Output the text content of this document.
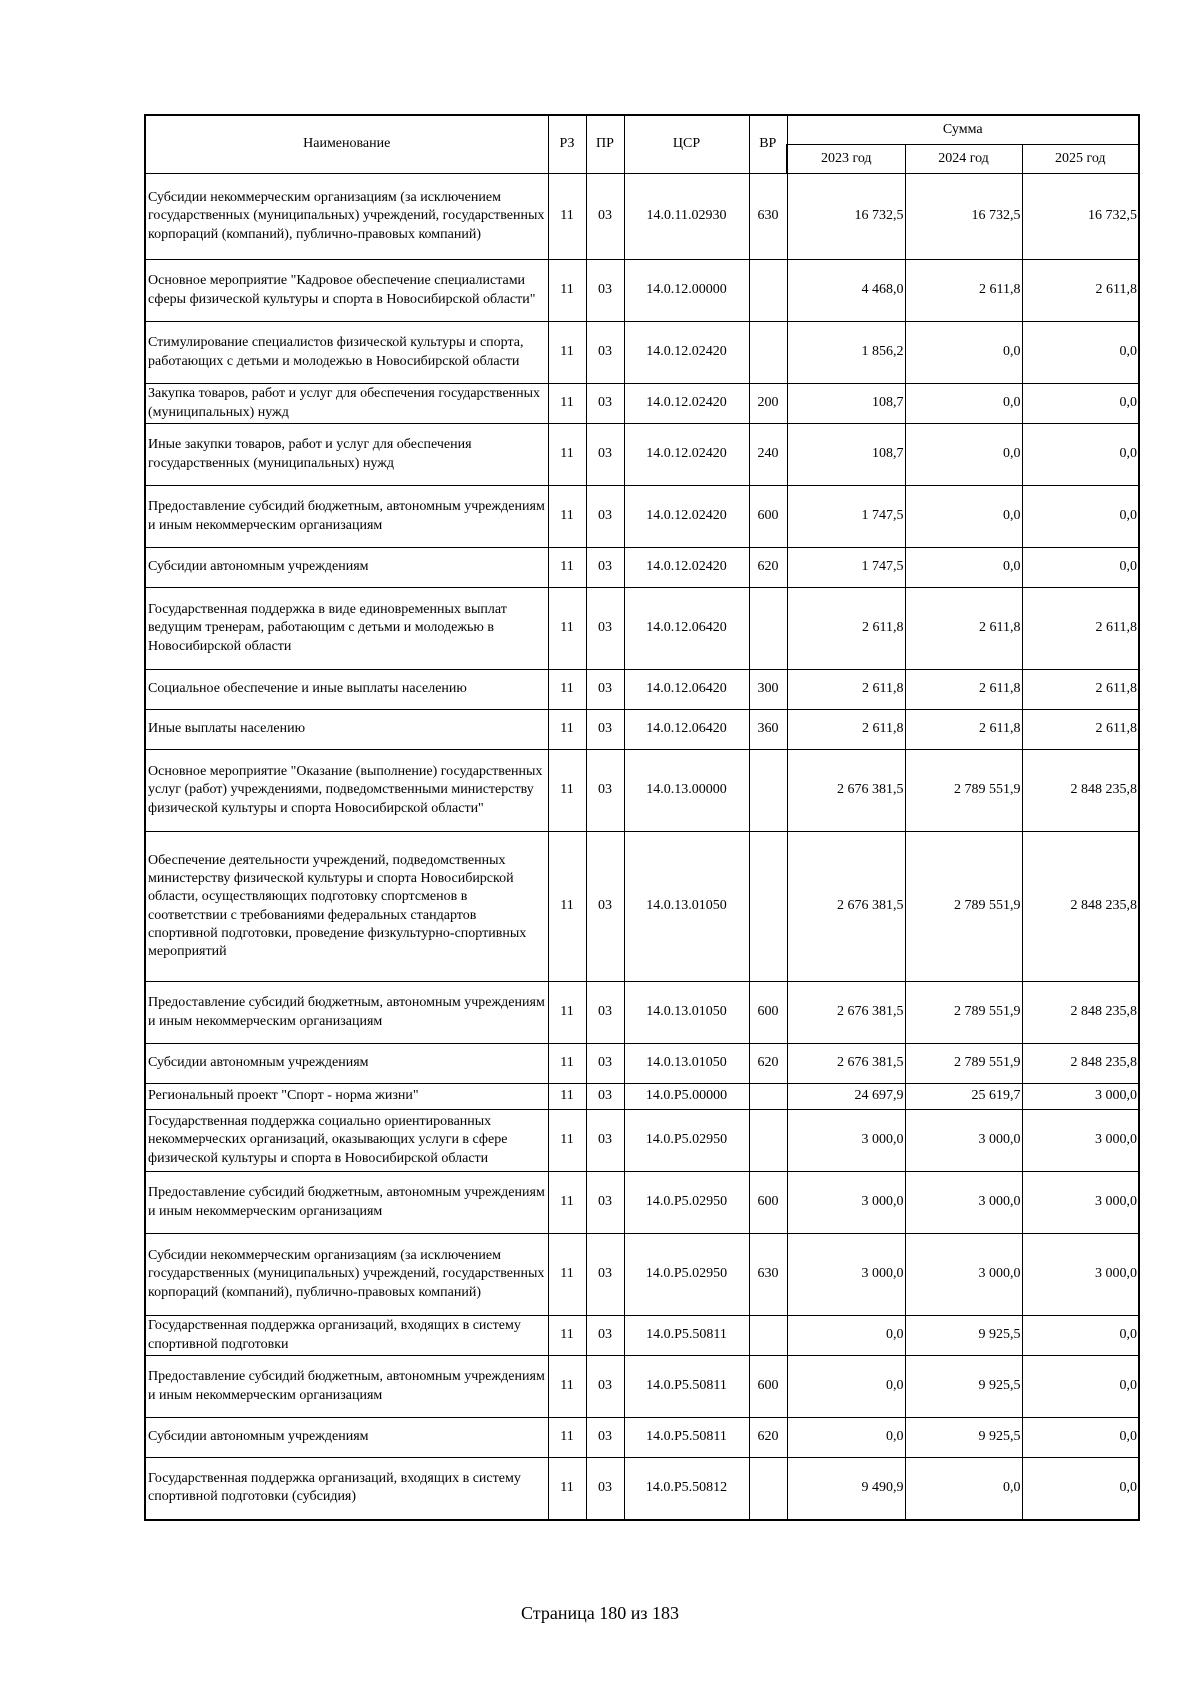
Наименование	РЗ	ПР	ЦСР	ВР	Сумма		
					2023 год	2024 год	2025 год
Субсидии некоммерческим организациям (за исключением государственных (муниципальных) учреждений, государственных корпораций (компаний), публично-правовых компаний)	11	03	14.0.11.02930	630	16 732,5	16 732,5	16 732,5
Основное мероприятие "Кадровое обеспечение специалистами сферы физической культуры и спорта в Новосибирской области"	11	03	14.0.12.00000		4 468,0	2 611,8	2 611,8
Стимулирование специалистов физической культуры и спорта, работающих с детьми и молодежью в Новосибирской области	11	03	14.0.12.02420		1 856,2	0,0	0,0
Закупка товаров, работ и услуг для обеспечения государственных (муниципальных) нужд	11	03	14.0.12.02420	200	108,7	0,0	0,0
Иные закупки товаров, работ и услуг для обеспечения государственных (муниципальных) нужд	11	03	14.0.12.02420	240	108,7	0,0	0,0
Предоставление субсидий бюджетным, автономным учреждениям и иным некоммерческим организациям	11	03	14.0.12.02420	600	1 747,5	0,0	0,0
Субсидии автономным учреждениям	11	03	14.0.12.02420	620	1 747,5	0,0	0,0
Государственная поддержка в виде единовременных выплат ведущим тренерам, работающим с детьми и молодежью в Новосибирской области	11	03	14.0.12.06420		2 611,8	2 611,8	2 611,8
Социальное обеспечение и иные выплаты населению	11	03	14.0.12.06420	300	2 611,8	2 611,8	2 611,8
Иные выплаты населению	11	03	14.0.12.06420	360	2 611,8	2 611,8	2 611,8
Основное мероприятие "Оказание (выполнение) государственных услуг (работ) учреждениями, подведомственными министерству физической культуры и спорта Новосибирской области"	11	03	14.0.13.00000		2 676 381,5	2 789 551,9	2 848 235,8
Обеспечение деятельности учреждений, подведомственных министерству физической культуры и спорта Новосибирской области, осуществляющих подготовку спортсменов в соответствии с требованиями федеральных стандартов спортивной подготовки, проведение физкультурно-спортивных мероприятий	11	03	14.0.13.01050		2 676 381,5	2 789 551,9	2 848 235,8
Предоставление субсидий бюджетным, автономным учреждениям и иным некоммерческим организациям	11	03	14.0.13.01050	600	2 676 381,5	2 789 551,9	2 848 235,8
Субсидии автономным учреждениям	11	03	14.0.13.01050	620	2 676 381,5	2 789 551,9	2 848 235,8
Региональный проект "Спорт - норма жизни"	11	03	14.0.P5.00000		24 697,9	25 619,7	3 000,0
Государственная поддержка социально ориентированных некоммерческих организаций, оказывающих услуги в сфере физической культуры и спорта в Новосибирской области	11	03	14.0.P5.02950		3 000,0	3 000,0	3 000,0
Предоставление субсидий бюджетным, автономным учреждениям и иным некоммерческим организациям	11	03	14.0.P5.02950	600	3 000,0	3 000,0	3 000,0
Субсидии некоммерческим организациям (за исключением государственных (муниципальных) учреждений, государственных корпораций (компаний), публично-правовых компаний)	11	03	14.0.P5.02950	630	3 000,0	3 000,0	3 000,0
Государственная поддержка организаций, входящих в систему спортивной подготовки	11	03	14.0.P5.50811		0,0	9 925,5	0,0
Предоставление субсидий бюджетным, автономным учреждениям и иным некоммерческим организациям	11	03	14.0.P5.50811	600	0,0	9 925,5	0,0
Субсидии автономным учреждениям	11	03	14.0.P5.50811	620	0,0	9 925,5	0,0
Государственная поддержка организаций, входящих в систему спортивной подготовки (субсидия)	11	03	14.0.P5.50812		9 490,9	0,0	0,0
Страница 180 из 183
